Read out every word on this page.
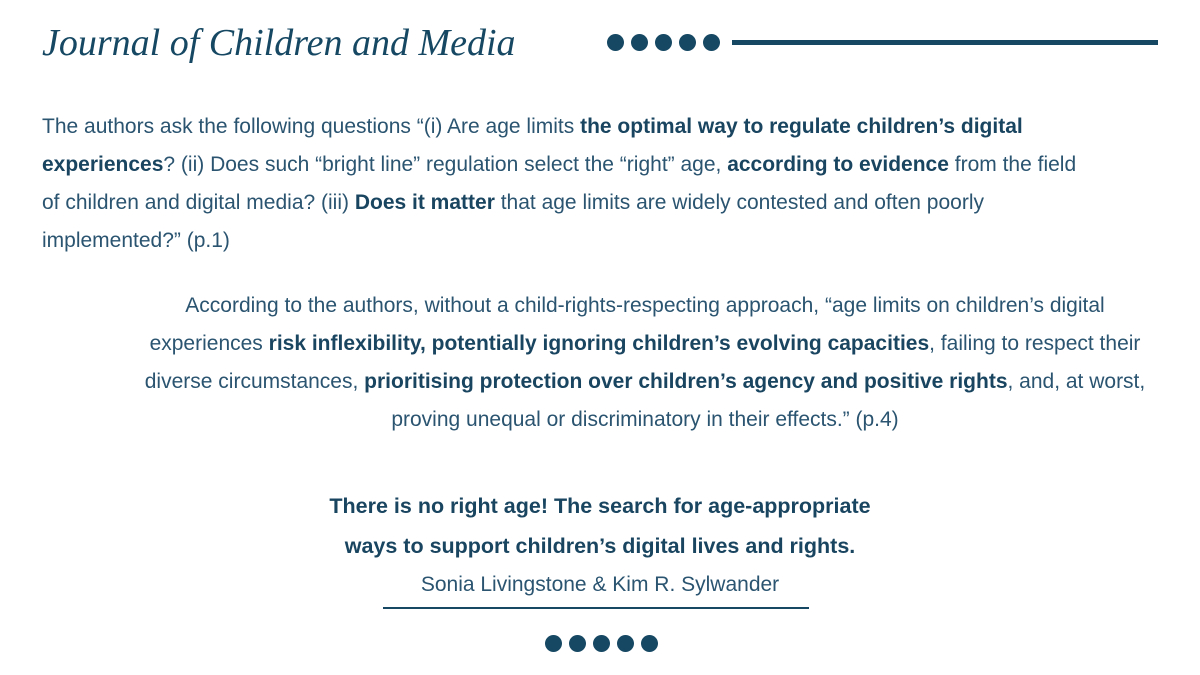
Journal of Children and Media

The authors ask the following questions “(i) Are age limits the optimal way to regulate children’s digital experiences? (ii) Does such “bright line” regulation select the “right” age, according to evidence from the field of children and digital media? (iii) Does it matter that age limits are widely contested and often poorly implemented?” (p.1)

According to the authors, without a child-rights-respecting approach, “age limits on children’s digital experiences risk inflexibility, potentially ignoring children’s evolving capacities, failing to respect their diverse circumstances, prioritising protection over children’s agency and positive rights, and, at worst, proving unequal or discriminatory in their effects.” (p.4)

There is no right age! The search for age-appropriate
ways to support children’s digital lives and rights.

Sonia Livingstone & Kim R. Sylwander
